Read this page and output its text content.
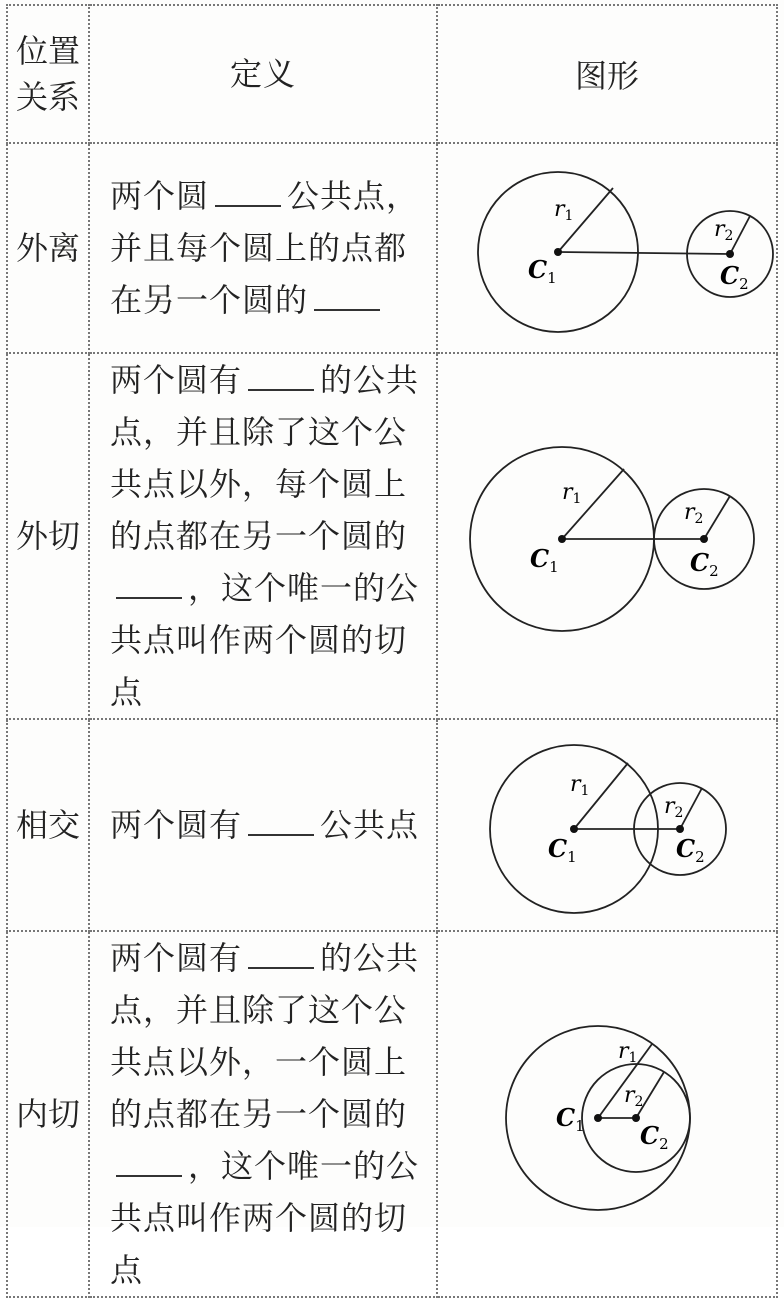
位置关系	定义	图形
外离	两个圆 公共点，并且每个圆上的点都在另一个圆的	r1
r2
$C_1$ $C_2$

外切	两个圆有 的公共点，并且除了这个公共点以外，每个圆上的点都在另一个圆的，这个唯一的公共点叫作两个圆的切点	r1
r2
$C_1$ $C_2$

相交	两个圆有 公共点	r1
r2
$C_1$ $C_2$

内切	两个圆有 的公共点，并且除了这个公共点以外，一个圆上的点都在另一个圆的，这个唯一的公共点叫作两个圆的切点	r1
r2
$C_1$ $C_2$
